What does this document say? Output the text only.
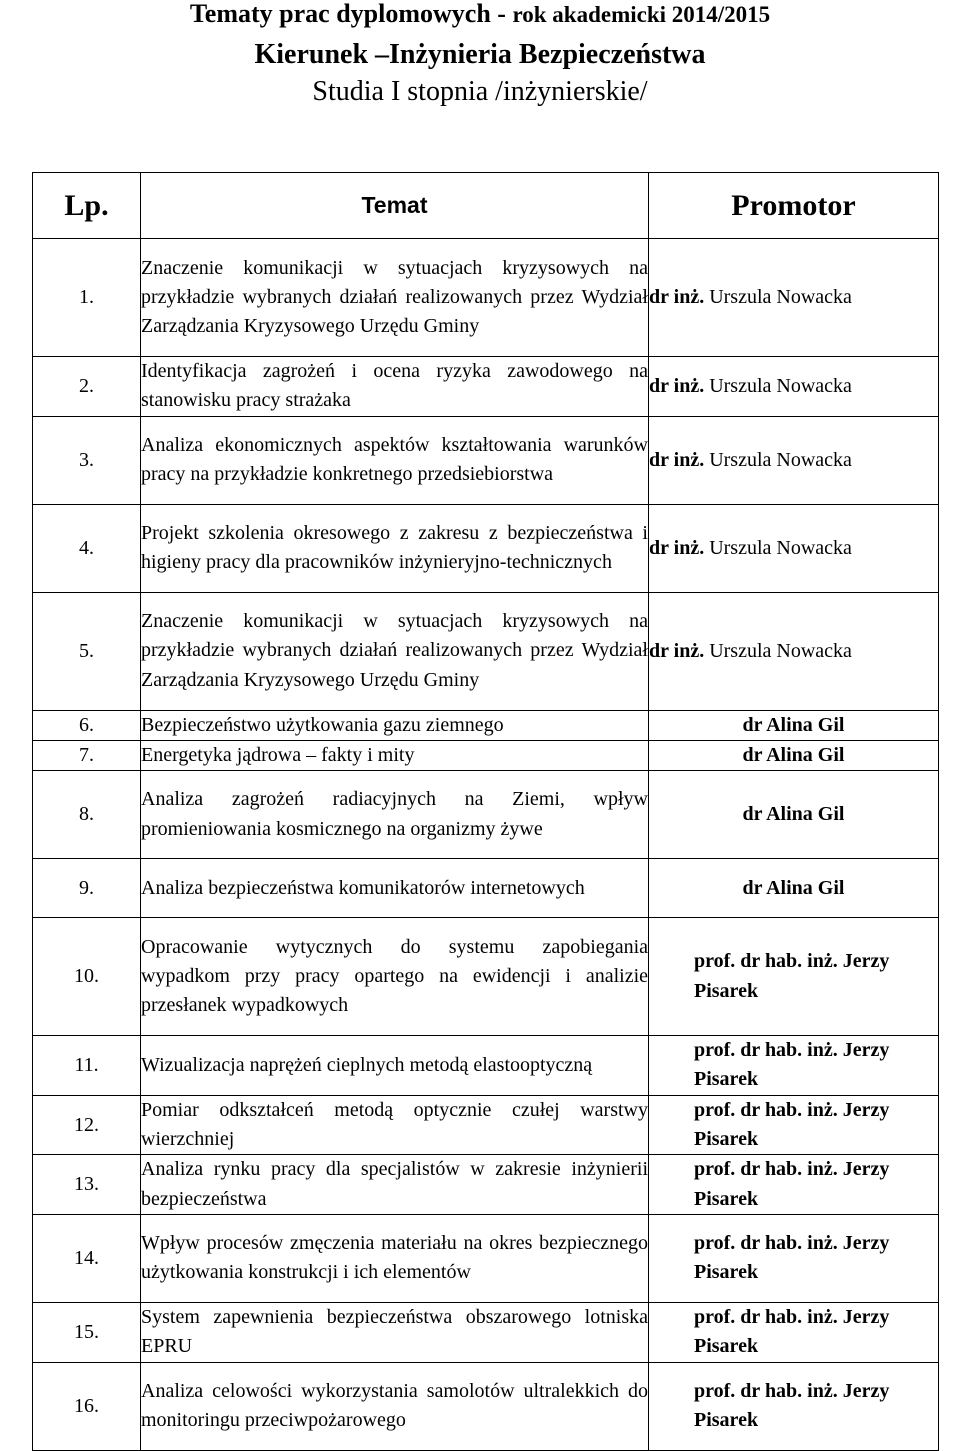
Tematy prac dyplomowych - rok akademicki 2014/2015
Kierunek –Inżynieria Bezpieczeństwa
Studia I stopnia /inżynierskie/
Lp.	Temat	Promotor
1.	Znaczenie komunikacji w sytuacjach kryzysowych na przykładzie wybranych działań realizowanych przez Wydział Zarządzania Kryzysowego Urzędu Gminy	dr inż. Urszula Nowacka
2.	Identyfikacja zagrożeń i ocena ryzyka zawodowego na stanowisku pracy strażaka	dr inż. Urszula Nowacka
3.	Analiza ekonomicznych aspektów kształtowania warunków pracy na przykładzie konkretnego przedsiebiorstwa	dr inż. Urszula Nowacka
4.	Projekt szkolenia okresowego z zakresu z bezpieczeństwa i higieny pracy dla pracowników inżynieryjno-technicznych	dr inż. Urszula Nowacka
5.	Znaczenie komunikacji w sytuacjach kryzysowych na przykładzie wybranych działań realizowanych przez Wydział Zarządzania Kryzysowego Urzędu Gminy	dr inż. Urszula Nowacka
6.	Bezpieczeństwo użytkowania gazu ziemnego	dr Alina Gil
7.	Energetyka jądrowa – fakty i mity	dr Alina Gil
8.	Analiza zagrożeń radiacyjnych na Ziemi, wpływ promieniowania kosmicznego na organizmy żywe	dr Alina Gil
9.	Analiza bezpieczeństwa komunikatorów internetowych	dr Alina Gil
10.	Opracowanie wytycznych do systemu zapobiegania wypadkom przy pracy opartego na ewidencji i analizie przesłanek wypadkowych	prof. dr hab. inż. Jerzy
Pisarek

11.	Wizualizacja naprężeń cieplnych metodą elastooptyczną	prof. dr hab. inż. Jerzy
Pisarek

12.	Pomiar odkształceń metodą optycznie czułej warstwy wierzchniej	prof. dr hab. inż. Jerzy
Pisarek

13.	Analiza rynku pracy dla specjalistów w zakresie inżynierii bezpieczeństwa	prof. dr hab. inż. Jerzy
Pisarek

14.	Wpływ procesów zmęczenia materiału na okres bezpiecznego użytkowania konstrukcji i ich elementów	prof. dr hab. inż. Jerzy
Pisarek

15.	System zapewnienia bezpieczeństwa obszarowego lotniska EPRU	prof. dr hab. inż. Jerzy
Pisarek

16.	Analiza celowości wykorzystania samolotów ultralekkich do monitoringu przeciwpożarowego	prof. dr hab. inż. Jerzy
Pisarek
